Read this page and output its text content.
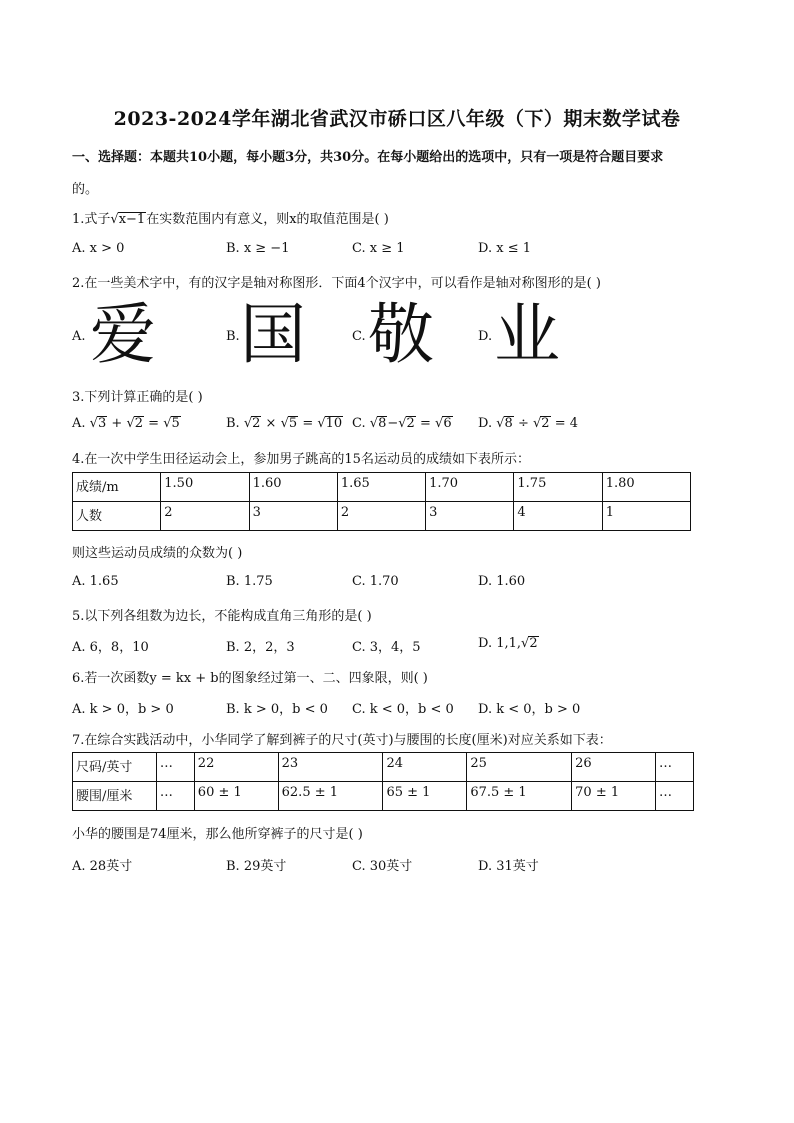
2023-2024学年湖北省武汉市硚口区八年级（下）期末数学试卷
一、选择题：本题共10小题，每小题3分，共30分。在每小题给出的选项中，只有一项是符合题目要求
的。
1.式子√x−1在实数范围内有意义，则x的取值范围是( )
A. x > 0	B. x ≥ −1	C. x ≥ 1	D. x ≤ 1
2.在一些美术字中，有的汉字是轴对称图形．下面4个汉字中，可以看作是轴对称图形的是( )
A. 爱	B. 国	C. 敬	D. 业
3.下列计算正确的是( )
A. √3 + √2 = √5	B. √2 × √5 = √10 C. √8−√2 = √6 D. √8 ÷ √2 = 4
4.在一次中学生田径运动会上，参加男子跳高的15名运动员的成绩如下表所示：
成绩/m	1.50	1.60	1.65	1.70	1.75	1.80
人数	2	3	2	3	4	1
则这些运动员成绩的众数为( )
A. 1.65	B. 1.75	C. 1.70	D. 1.60
5.以下列各组数为边长，不能构成直角三角形的是( )
A. 6，8，10	B. 2，2，3	C. 3，4，5	D. 1,1,√2
6.若一次函数y = kx + b的图象经过第一、二、四象限，则( )
A. k > 0，b > 0	B. k > 0，b < 0 C. k < 0，b < 0 D. k < 0，b > 0
7.在综合实践活动中，小华同学了解到裤子的尺寸(英寸)与腰围的长度(厘米)对应关系如下表：
尺码/英寸	…	22	23	24	25	26	…
腰围/厘米	…	60 ± 1	62.5 ± 1	65 ± 1	67.5 ± 1	70 ± 1	…
小华的腰围是74厘米，那么他所穿裤子的尺寸是( )
A. 28英寸	B. 29英寸	C. 30英寸	D. 31英寸
